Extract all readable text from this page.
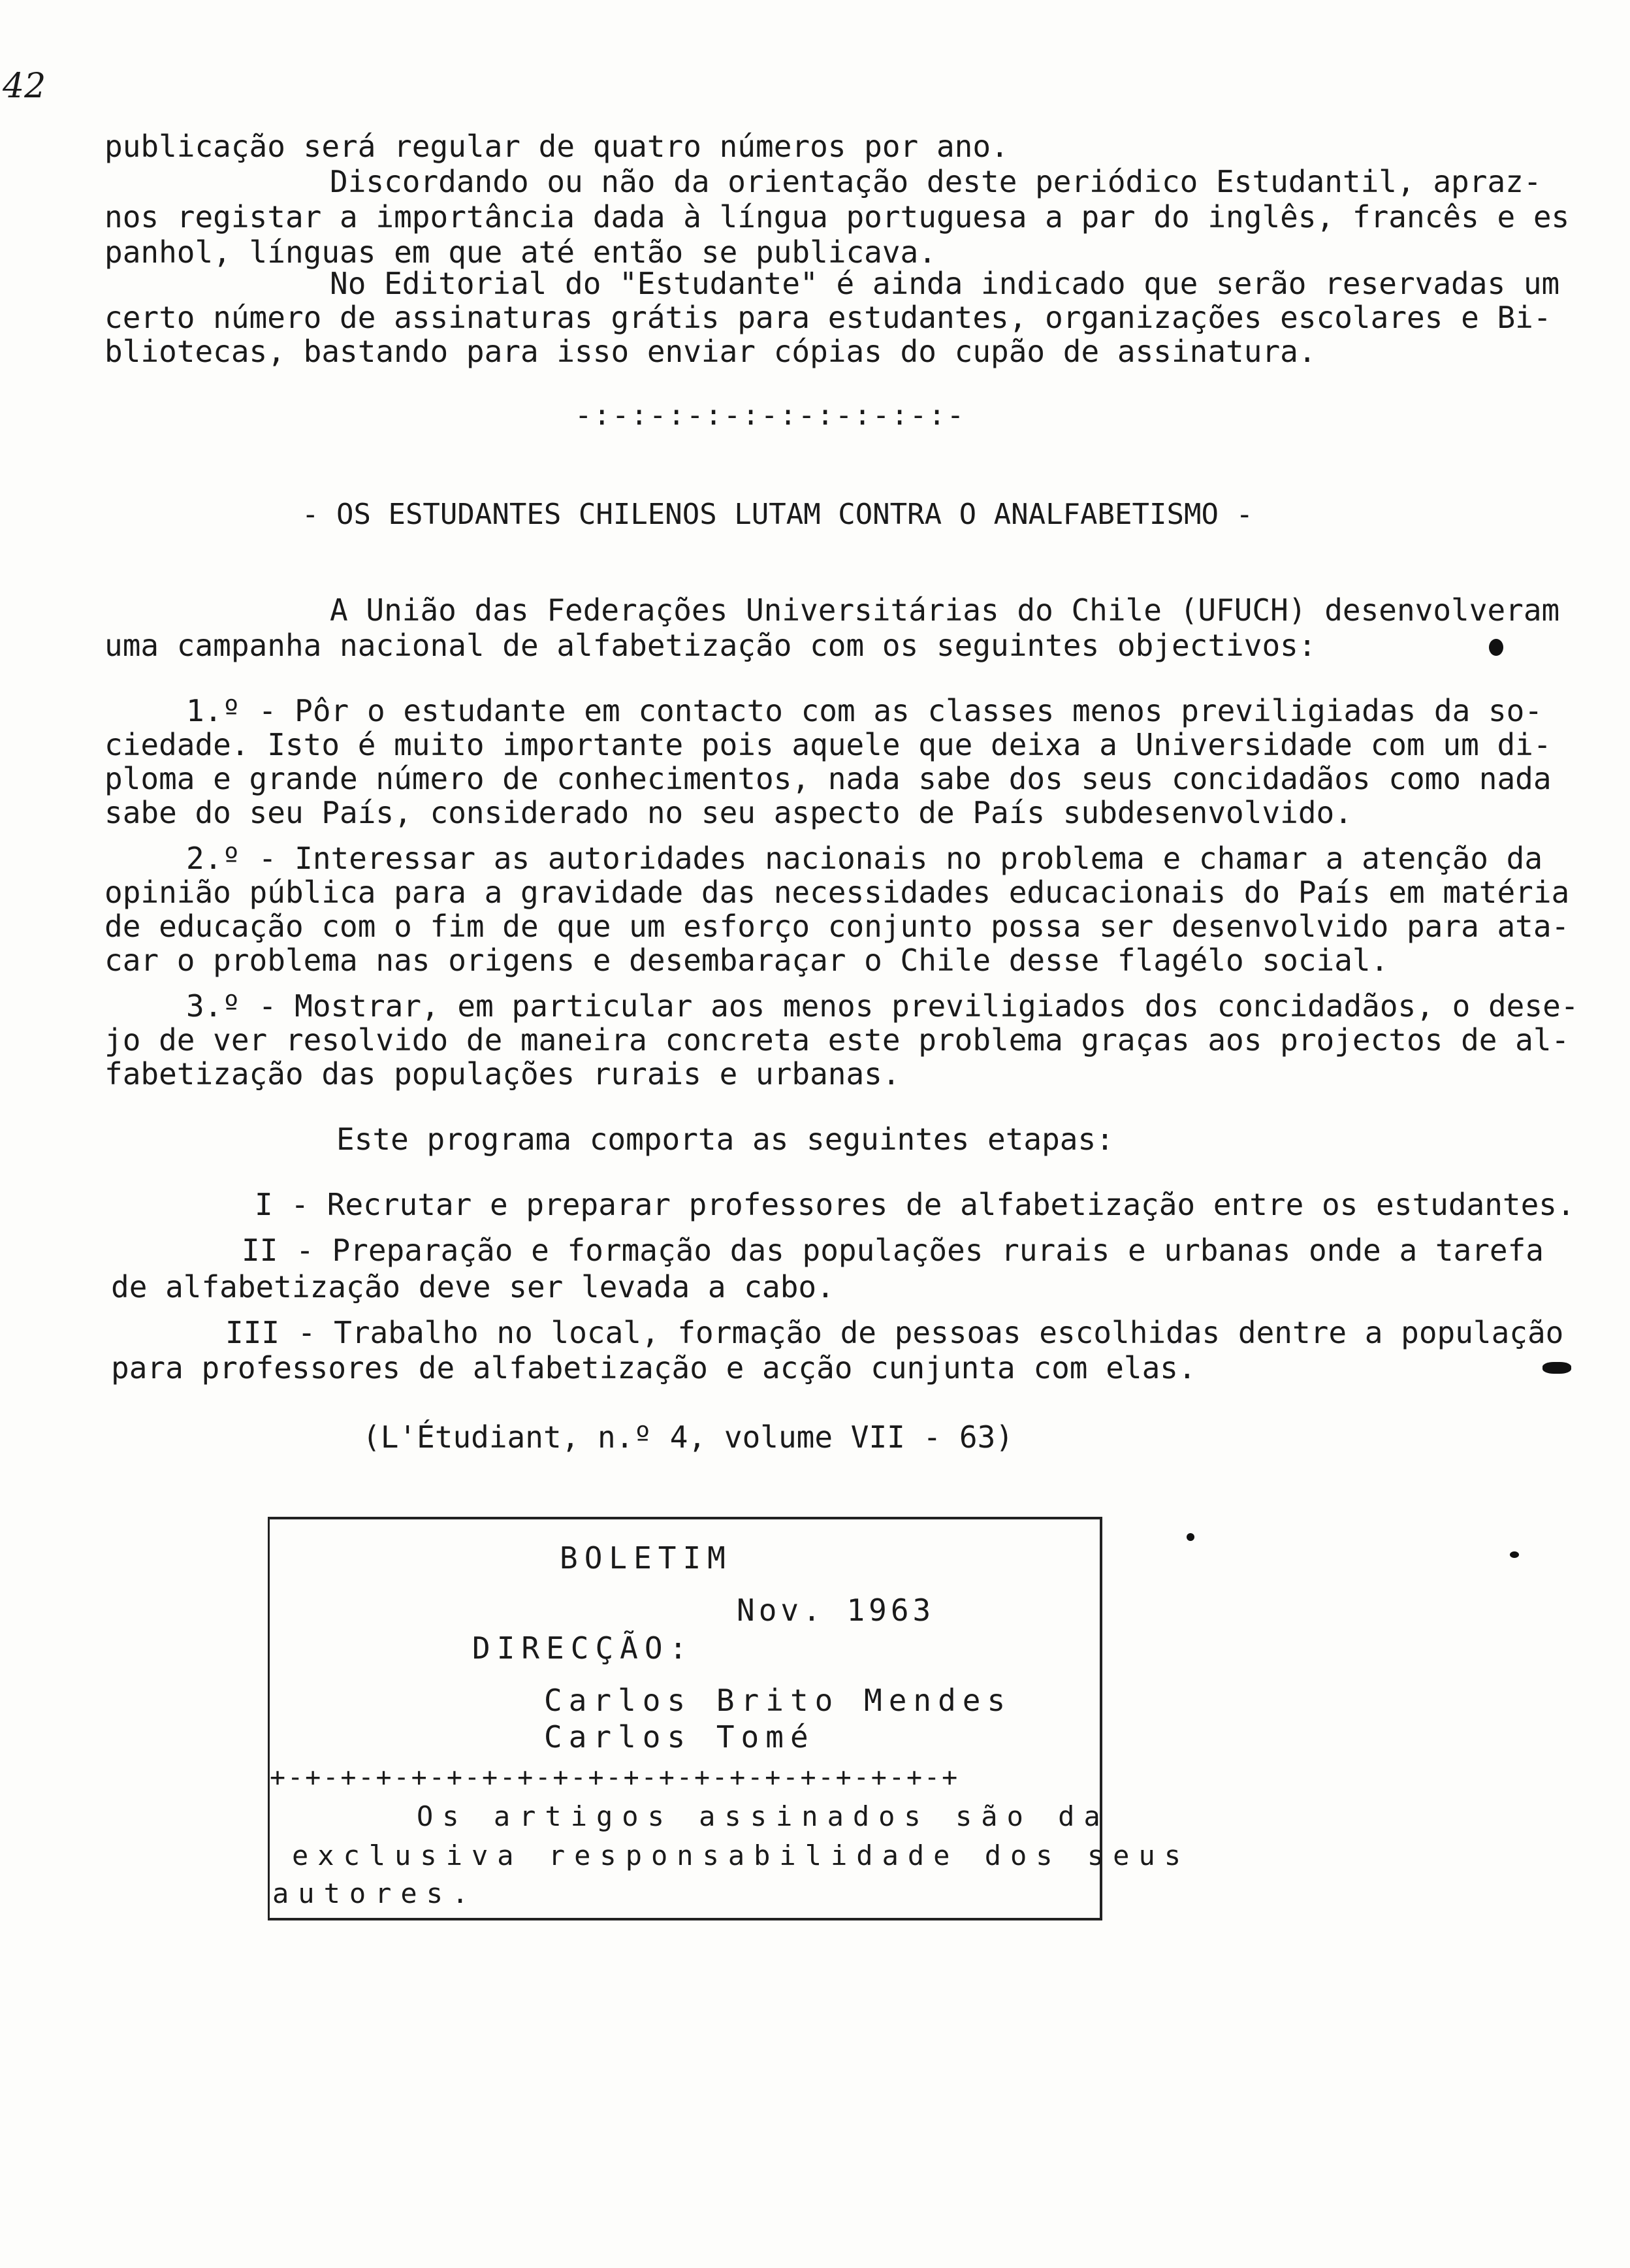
42
publicação será regular de quatro números por ano.
Discordando ou não da orientação deste periódico Estudantil, apraz-
nos registar a importância dada à língua portuguesa a par do inglês, francês e es
panhol, línguas em que até então se publicava.
No Editorial do "Estudante" é ainda indicado que serão reservadas um
certo número de assinaturas grátis para estudantes, organizações escolares e Bi-
bliotecas, bastando para isso enviar cópias do cupão de assinatura.
-:-:-:-:-:-:-:-:-:-:-
- OS ESTUDANTES CHILENOS LUTAM CONTRA O ANALFABETISMO -
A União das Federações Universitárias do Chile (UFUCH) desenvolveram
uma campanha nacional de alfabetização com os seguintes objectivos:
1.º - Pôr o estudante em contacto com as classes menos previligiadas da so-
ciedade. Isto é muito importante pois aquele que deixa a Universidade com um di-
ploma e grande número de conhecimentos, nada sabe dos seus concidadãos como nada
sabe do seu País, considerado no seu aspecto de País subdesenvolvido.
2.º - Interessar as autoridades nacionais no problema e chamar a atenção da
opinião pública para a gravidade das necessidades educacionais do País em matéria
de educação com o fim de que um esforço conjunto possa ser desenvolvido para ata-
car o problema nas origens e desembaraçar o Chile desse flagélo social.
3.º - Mostrar, em particular aos menos previligiados dos concidadãos, o dese-
jo de ver resolvido de maneira concreta este problema graças aos projectos de al-
fabetização das populações rurais e urbanas.
Este programa comporta as seguintes etapas:
I - Recrutar e preparar professores de alfabetização entre os estudantes.
II - Preparação e formação das populações rurais e urbanas onde a tarefa
de alfabetização deve ser levada a cabo.
III - Trabalho no local, formação de pessoas escolhidas dentre a população
para professores de alfabetização e acção cunjunta com elas.
(L'Étudiant, n.º 4, volume VII - 63)
BOLETIM
Nov. 1963
DIRECÇÃO:
Carlos Brito Mendes
Carlos Tomé
+-+-+-+-+-+-+-+-+-+-+-+-+-+-+-+-+-+-+-+
Os artigos assinados são da
exclusiva responsabilidade dos seus
autores.
